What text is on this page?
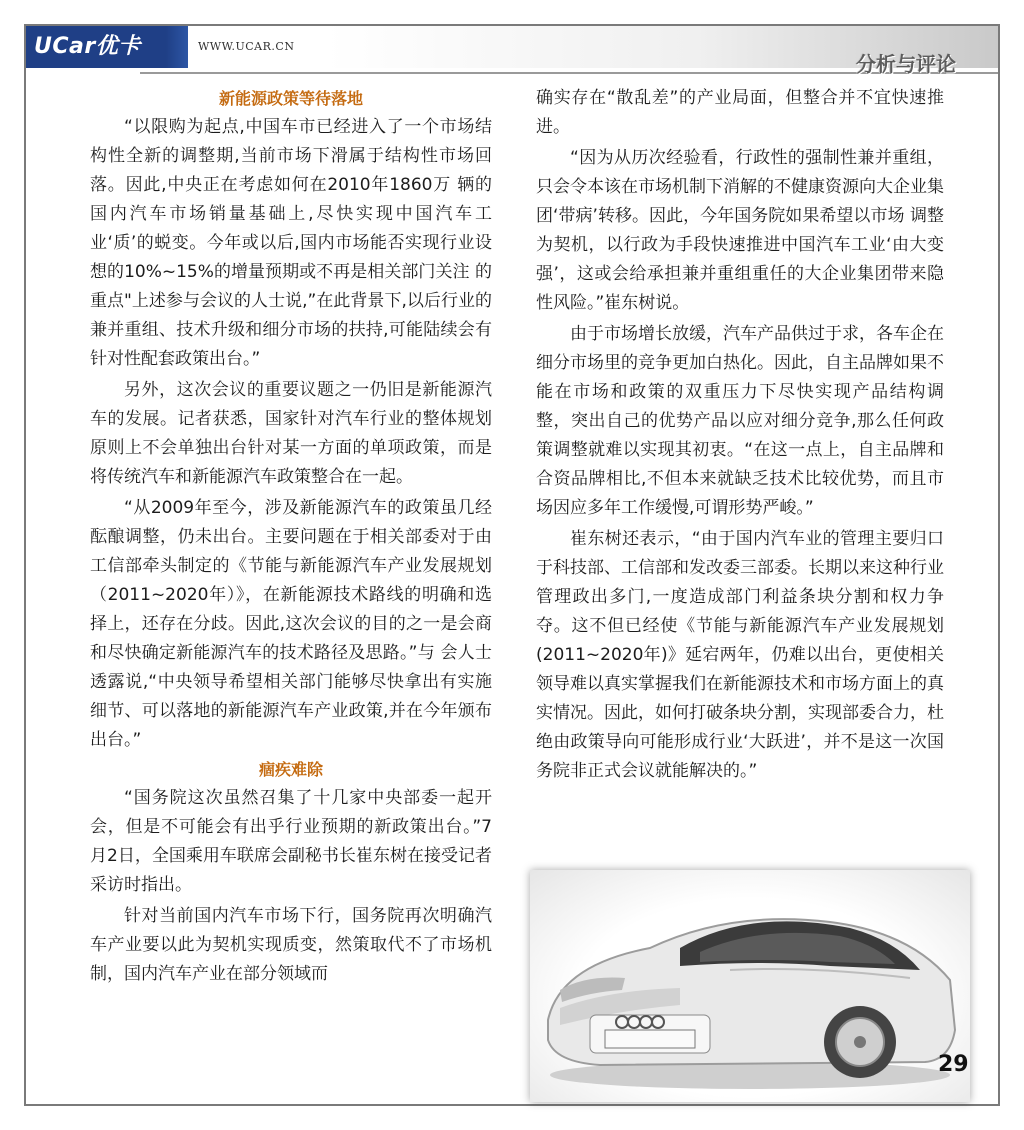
UCar优卡	WWW.UCAR.CN
分析与评论
新能源政策等待落地

“以限购为起点,中国车市已经进入了一个市场结构性全新的调整期,当前市场下滑属于结构性市场回落。因此,中央正在考虑如何在2010年1860万 辆的国内汽车市场销量基础上,尽快实现中国汽车工业‘质’的蜕变。今年或以后,国内市场能否实现行业设想的10%~15%的增量预期或不再是相关部门关注 的重点"上述参与会议的人士说,”在此背景下,以后行业的兼并重组、技术升级和细分市场的扶持,可能陆续会有针对性配套政策出台。”

另外，这次会议的重要议题之一仍旧是新能源汽车的发展。记者获悉，国家针对汽车行业的整体规划原则上不会单独出台针对某一方面的单项政策，而是将传统汽车和新能源汽车政策整合在一起。

“从2009年至今，涉及新能源汽车的政策虽几经酝酿调整，仍未出台。主要问题在于相关部委对于由工信部牵头制定的《节能与新能源汽车产业发展规划 （2011~2020年）》，在新能源技术路线的明确和选择上，还存在分歧。因此,这次会议的目的之一是会商和尽快确定新能源汽车的技术路径及思路。”与 会人士透露说,“中央领导希望相关部门能够尽快拿出有实施细节、可以落地的新能源汽车产业政策,并在今年颁布出台。”

痼疾难除

“国务院这次虽然召集了十几家中央部委一起开会，但是不可能会有出乎行业预期的新政策出台。”7月2日，全国乘用车联席会副秘书长崔东树在接受记者采访时指出。

针对当前国内汽车市场下行，国务院再次明确汽车产业要以此为契机实现质变，然策取代不了市场机制，国内汽车产业在部分领域而

确实存在“散乱差”的产业局面，但整合并不宜快速推进。

“因为从历次经验看，行政性的强制性兼并重组，只会令本该在市场机制下消解的不健康资源向大企业集团‘带病’转移。因此，今年国务院如果希望以市场 调整为契机，以行政为手段快速推进中国汽车工业‘由大变强’，这或会给承担兼并重组重任的大企业集团带来隐性风险。”崔东树说。

由于市场增长放缓，汽车产品供过于求，各车企在细分市场里的竞争更加白热化。因此，自主品牌如果不能在市场和政策的双重压力下尽快实现产品结构调 整，突出自己的优势产品以应对细分竞争,那么任何政策调整就难以实现其初衷。“在这一点上，自主品牌和合资品牌相比,不但本来就缺乏技术比较优势，而且市 场因应多年工作缓慢,可谓形势严峻。”

崔东树还表示，“由于国内汽车业的管理主要归口于科技部、工信部和发改委三部委。长期以来这种行业管理政出多门,一度造成部门利益条块分割和权力争 夺。这不但已经使《节能与新能源汽车产业发展规划(2011~2020年)》延宕两年，仍难以出台，更使相关领导难以真实掌握我们在新能源技术和市场方面上的真实情况。因此，如何打破条块分割，实现部委合力，杜绝由政策导向可能形成行业‘大跃进’，并不是这一次国务院非正式会议就能解决的。”

29
